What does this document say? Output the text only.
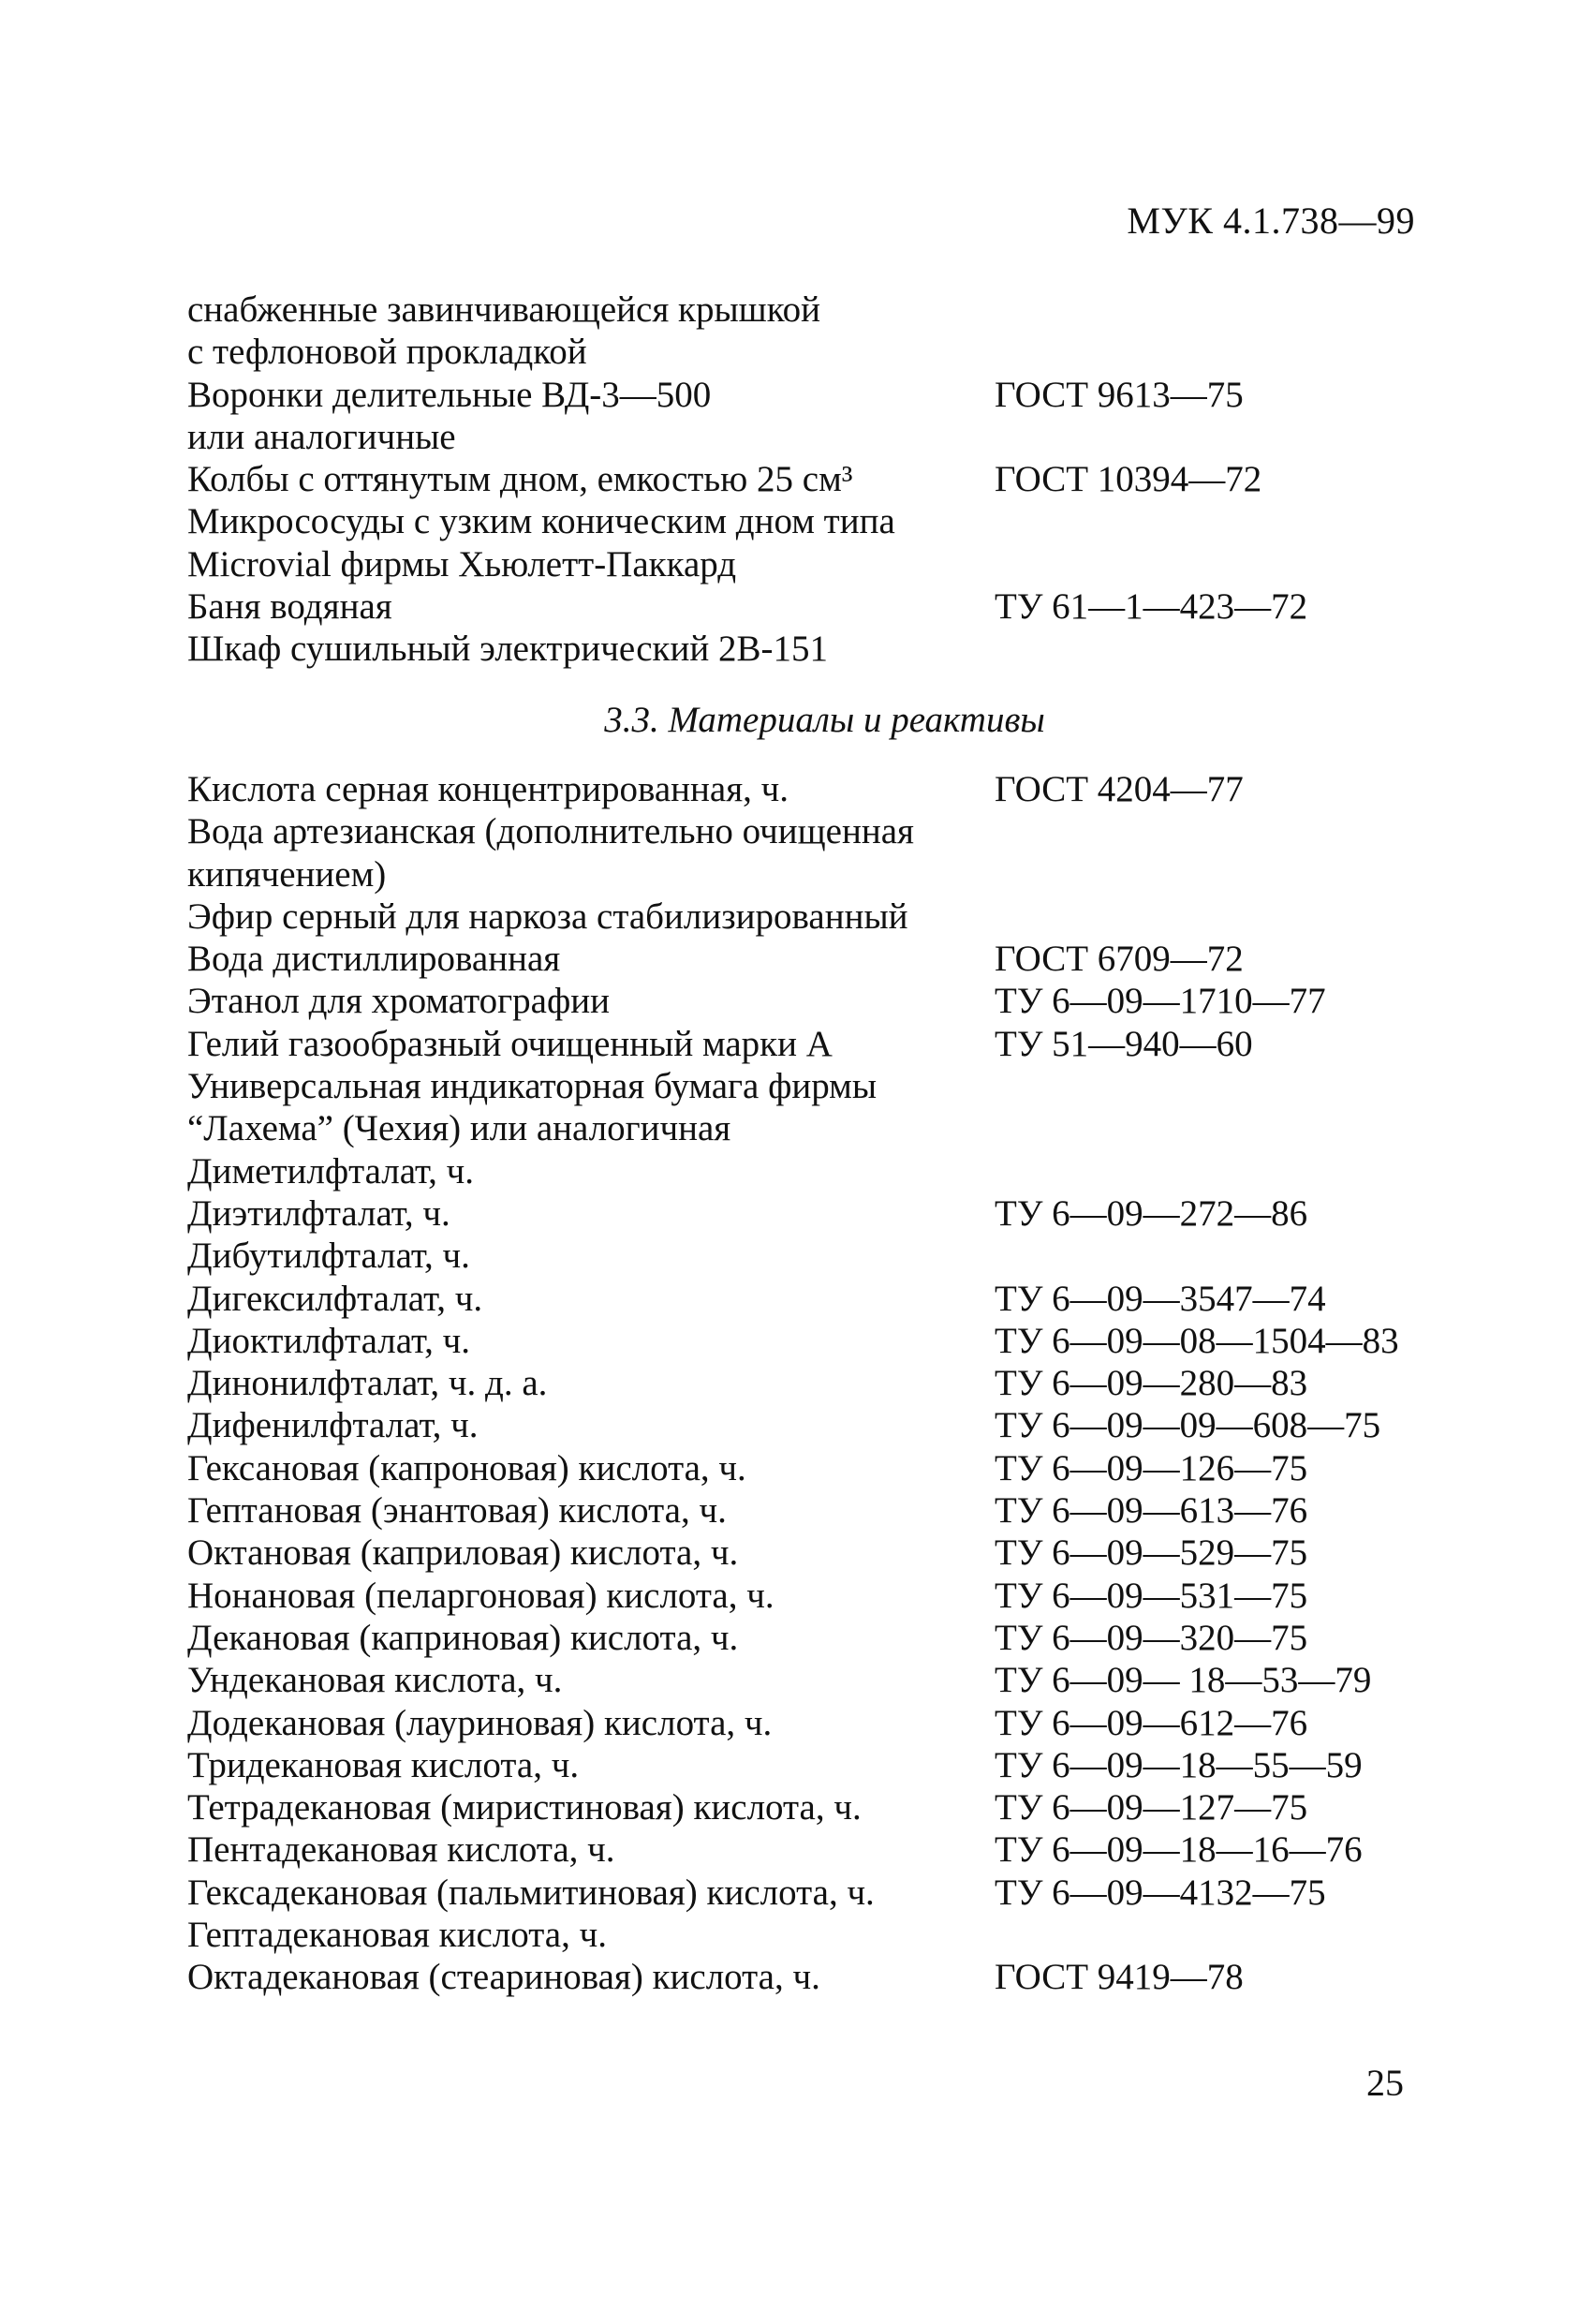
МУК 4.1.738—99
снабженные завинчивающейся крышкой
с тефлоновой прокладкой
Воронки делительные ВД-3—500	ГОСТ 9613—75
или аналогичные
Колбы с оттянутым дном, емкостью 25 см³	ГОСТ 10394—72
Микрососуды с узким коническим дном типа
Microvial фирмы Хьюлетт-Паккард
Баня водяная	ТУ 61—1—423—72
Шкаф сушильный электрический 2В-151
3.3. Материалы и реактивы
Кислота серная концентрированная, ч.	ГОСТ 4204—77
Вода артезианская (дополнительно очищенная
кипячением)
Эфир серный для наркоза стабилизированный
Вода дистиллированная	ГОСТ 6709—72
Этанол для хроматографии	ТУ 6—09—1710—77
Гелий газообразный очищенный марки А	ТУ 51—940—60
Универсальная индикаторная бумага фирмы
“Лахема” (Чехия) или аналогичная
Диметилфталат, ч.
Диэтилфталат, ч.	ТУ 6—09—272—86
Дибутилфталат, ч.
Дигексилфталат, ч.	ТУ 6—09—3547—74
Диоктилфталат, ч.	ТУ 6—09—08—1504—83
Динонилфталат, ч. д. а.	ТУ 6—09—280—83
Дифенилфталат, ч.	ТУ 6—09—09—608—75
Гексановая (капроновая) кислота, ч.	ТУ 6—09—126—75
Гептановая (энантовая) кислота, ч.	ТУ 6—09—613—76
Октановая (каприловая) кислота, ч.	ТУ 6—09—529—75
Нонановая (пеларгоновая) кислота, ч.	ТУ 6—09—531—75
Декановая (каприновая) кислота, ч.	ТУ 6—09—320—75
Ундекановая кислота, ч.	ТУ 6—09— 18—53—79
Додекановая (лауриновая) кислота, ч.	ТУ 6—09—612—76
Тридекановая кислота, ч.	ТУ 6—09—18—55—59
Тетрадекановая (миристиновая) кислота, ч.	ТУ 6—09—127—75
Пентадекановая кислота, ч.	ТУ 6—09—18—16—76
Гексадекановая (пальмитиновая) кислота, ч.	ТУ 6—09—4132—75
Гептадекановая кислота, ч.
Октадекановая (стеариновая) кислота, ч.	ГОСТ 9419—78
25
